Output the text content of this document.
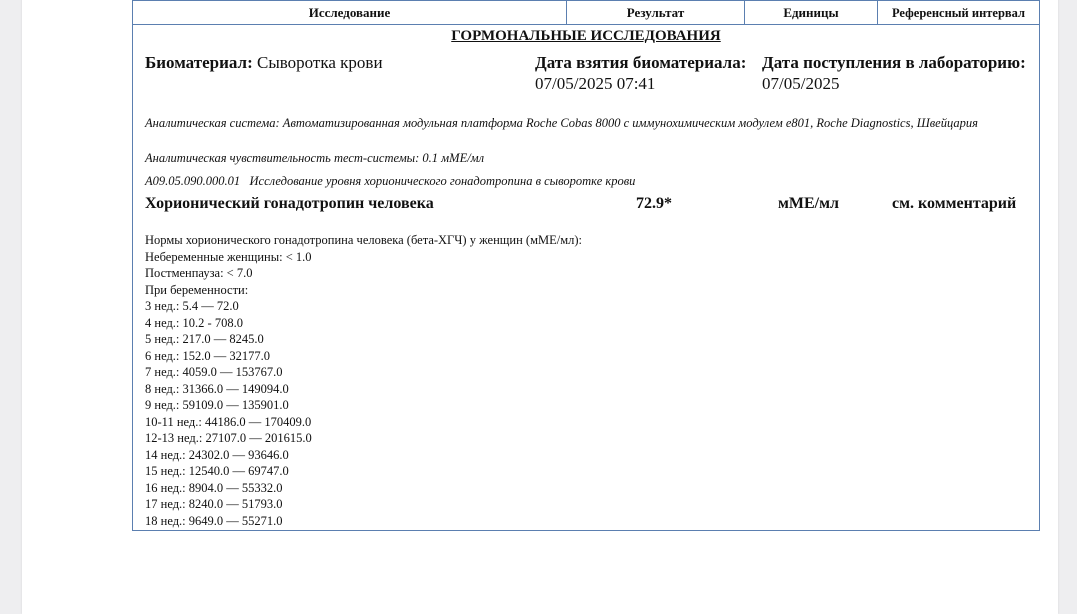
Исследование	Результат	Единицы	Референсный интервал
ГОРМОНАЛЬНЫЕ ИССЛЕДОВАНИЯ
Биоматериал: Сыворотка крови	Дата взятия биоматериала:
07/05/2025 07:41
Дата поступления в лабораторию:
07/05/2025
Аналитическая система: Автоматизированная модульная платформа Roche Cobas 8000 с иммунохимическим модулем e801, Roche Diagnostics, Швейцария
Аналитическая чувствительность тест-системы: 0.1 мМЕ/мл
A09.05.090.000.01 Исследование уровня хорионического гонадотропина в сыворотке крови
Хорионический гонадотропин человека	72.9*	мМЕ/мл	см. комментарий
Нормы хорионического гонадотропина человека (бета-ХГЧ) у женщин (мМЕ/мл):
Небеременные женщины: < 1.0
Постменпауза: < 7.0
При беременности:
3 нед.: 5.4 — 72.0
4 нед.: 10.2 - 708.0
5 нед.: 217.0 — 8245.0
6 нед.: 152.0 — 32177.0
7 нед.: 4059.0 — 153767.0
8 нед.: 31366.0 — 149094.0
9 нед.: 59109.0 — 135901.0
10-11 нед.: 44186.0 — 170409.0
12-13 нед.: 27107.0 — 201615.0
14 нед.: 24302.0 — 93646.0
15 нед.: 12540.0 — 69747.0
16 нед.: 8904.0 — 55332.0
17 нед.: 8240.0 — 51793.0
18 нед.: 9649.0 — 55271.0
